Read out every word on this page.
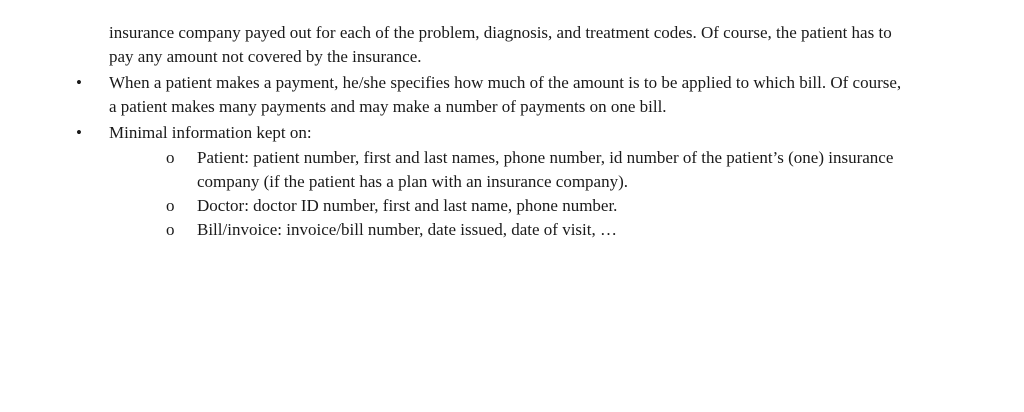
insurance company payed out for each of the problem, diagnosis, and treatment codes. Of course, the patient has to
pay any amount not covered by the insurance.
• When a patient makes a payment, he/she specifies how much of the amount is to be applied to which bill. Of course,
a patient makes many payments and may make a number of payments on one bill.
• Minimal information kept on:
o Patient: patient number, first and last names, phone number, id number of the patient’s (one) insurance
company (if the patient has a plan with an insurance company).
o Doctor: doctor ID number, first and last name, phone number.
o Bill/invoice: invoice/bill number, date issued, date of visit, …
